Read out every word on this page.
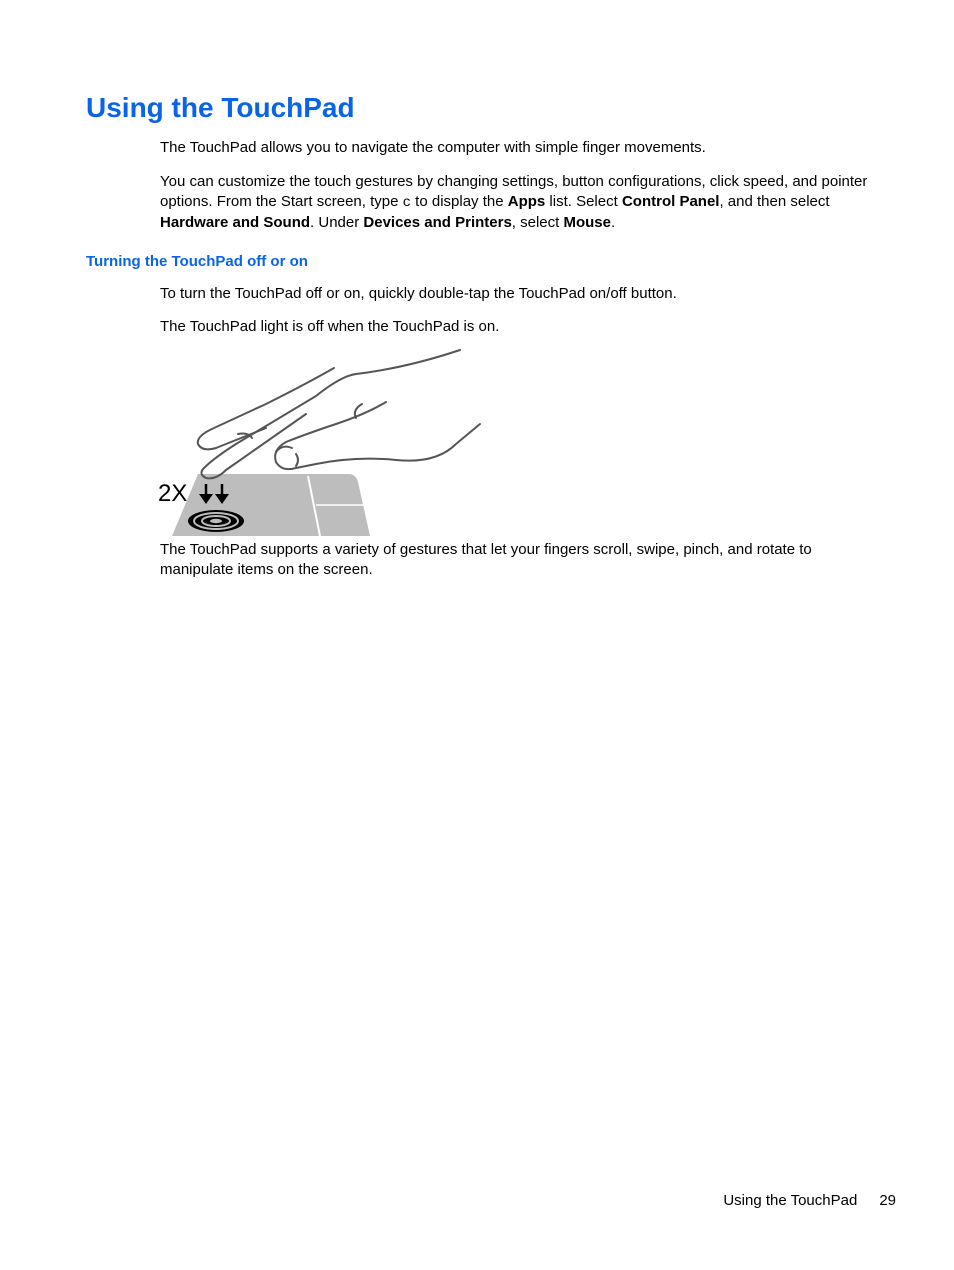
Using the TouchPad

The TouchPad allows you to navigate the computer with simple finger movements.

You can customize the touch gestures by changing settings, button configurations, click speed, and pointer options. From the Start screen, type c to display the Apps list. Select Control Panel, and then select Hardware and Sound. Under Devices and Printers, select Mouse.

Turning the TouchPad off or on

To turn the TouchPad off or on, quickly double-tap the TouchPad on/off button.

The TouchPad light is off when the TouchPad is on.

2X

The TouchPad supports a variety of gestures that let your fingers scroll, swipe, pinch, and rotate to manipulate items on the screen.

Using the TouchPad 29
